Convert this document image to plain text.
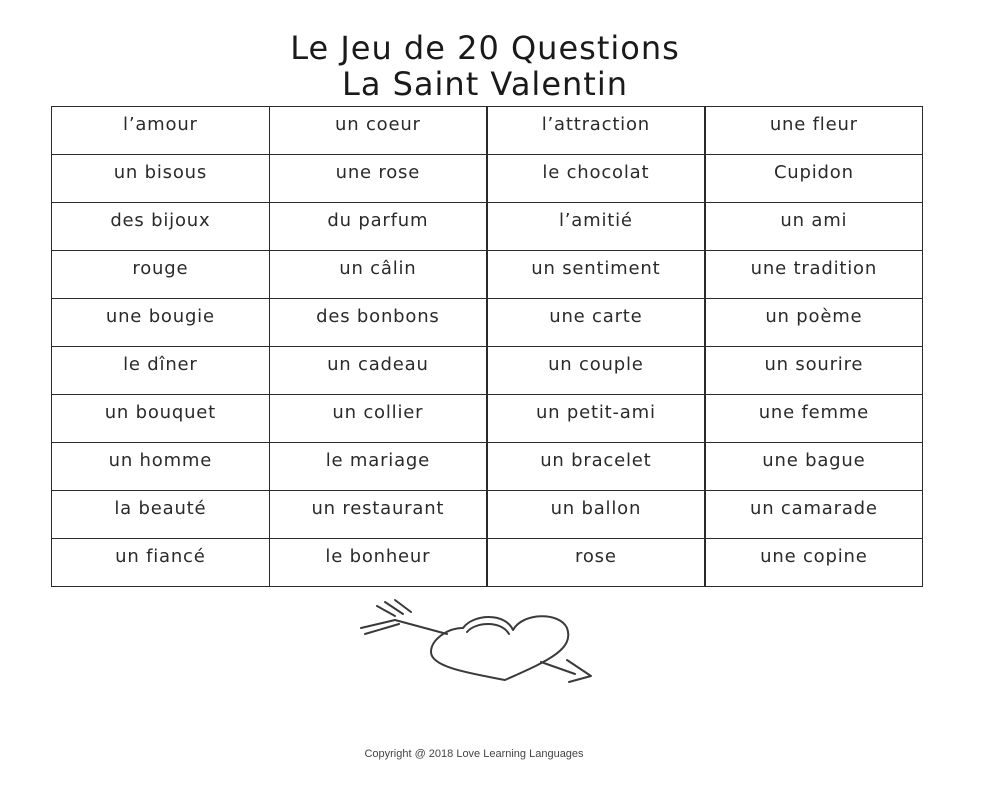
Le Jeu de 20 Questions
La Saint Valentin
l’amour	un coeur	l’attraction	une fleur

un bisous	une rose	le chocolat	Cupidon

des bijoux	du parfum	l’amitié	un ami

rouge	un câlin	un sentiment	une tradition

une bougie	des bonbons	une carte	un poème

le dîner	un cadeau	un couple	un sourire

un bouquet	un collier	un petit-ami	une femme

un homme	le mariage	un bracelet	une bague

la beauté	un restaurant	un ballon	un camarade

un fiancé	le bonheur	rose	une copine
Copyright @ 2018 Love Learning Languages
